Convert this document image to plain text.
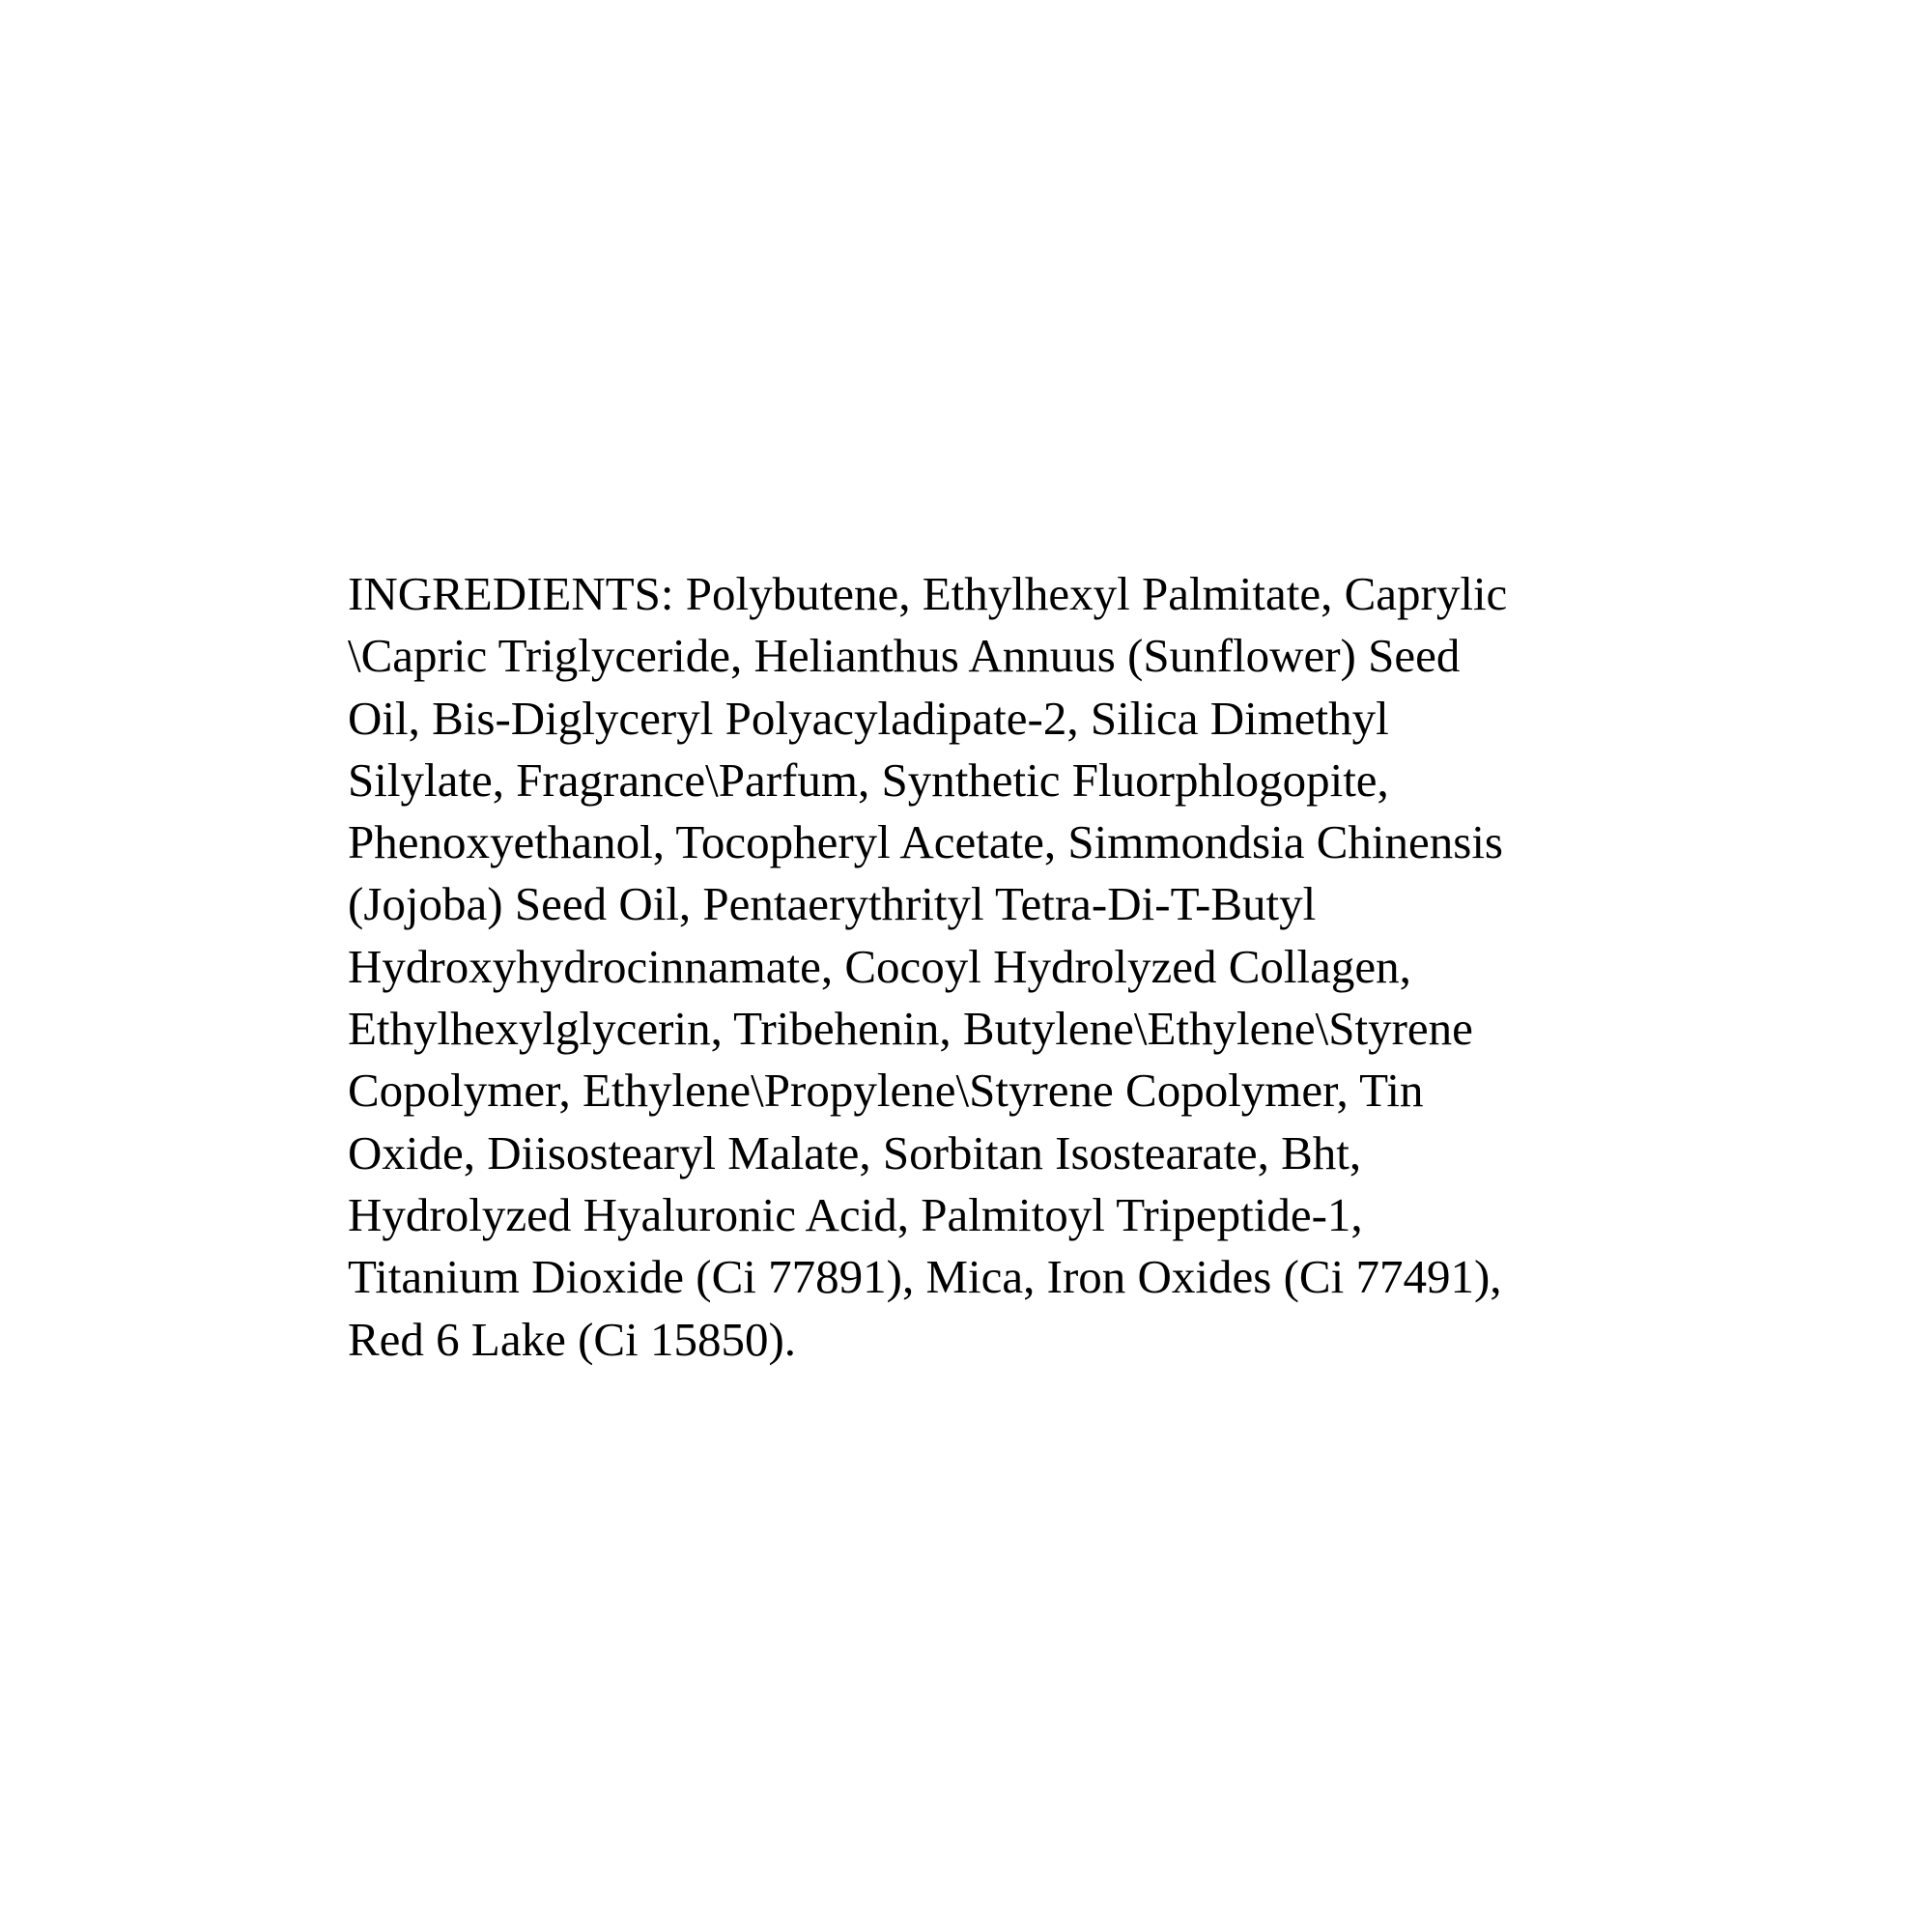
INGREDIENTS: Polybutene, Ethylhexyl Palmitate, Caprylic
\Capric Triglyceride, Helianthus Annuus (Sunflower) Seed
Oil, Bis-Diglyceryl Polyacyladipate-2, Silica Dimethyl
Silylate, Fragrance\Parfum, Synthetic Fluorphlogopite,
Phenoxyethanol, Tocopheryl Acetate, Simmondsia Chinensis
(Jojoba) Seed Oil, Pentaerythrityl Tetra-Di-T-Butyl
Hydroxyhydrocinnamate, Cocoyl Hydrolyzed Collagen,
Ethylhexylglycerin, Tribehenin, Butylene\Ethylene\Styrene
Copolymer, Ethylene\Propylene\Styrene Copolymer, Tin
Oxide, Diisostearyl Malate, Sorbitan Isostearate, Bht,
Hydrolyzed Hyaluronic Acid, Palmitoyl Tripeptide-1,
Titanium Dioxide (Ci 77891), Mica, Iron Oxides (Ci 77491),
Red 6 Lake (Ci 15850).
